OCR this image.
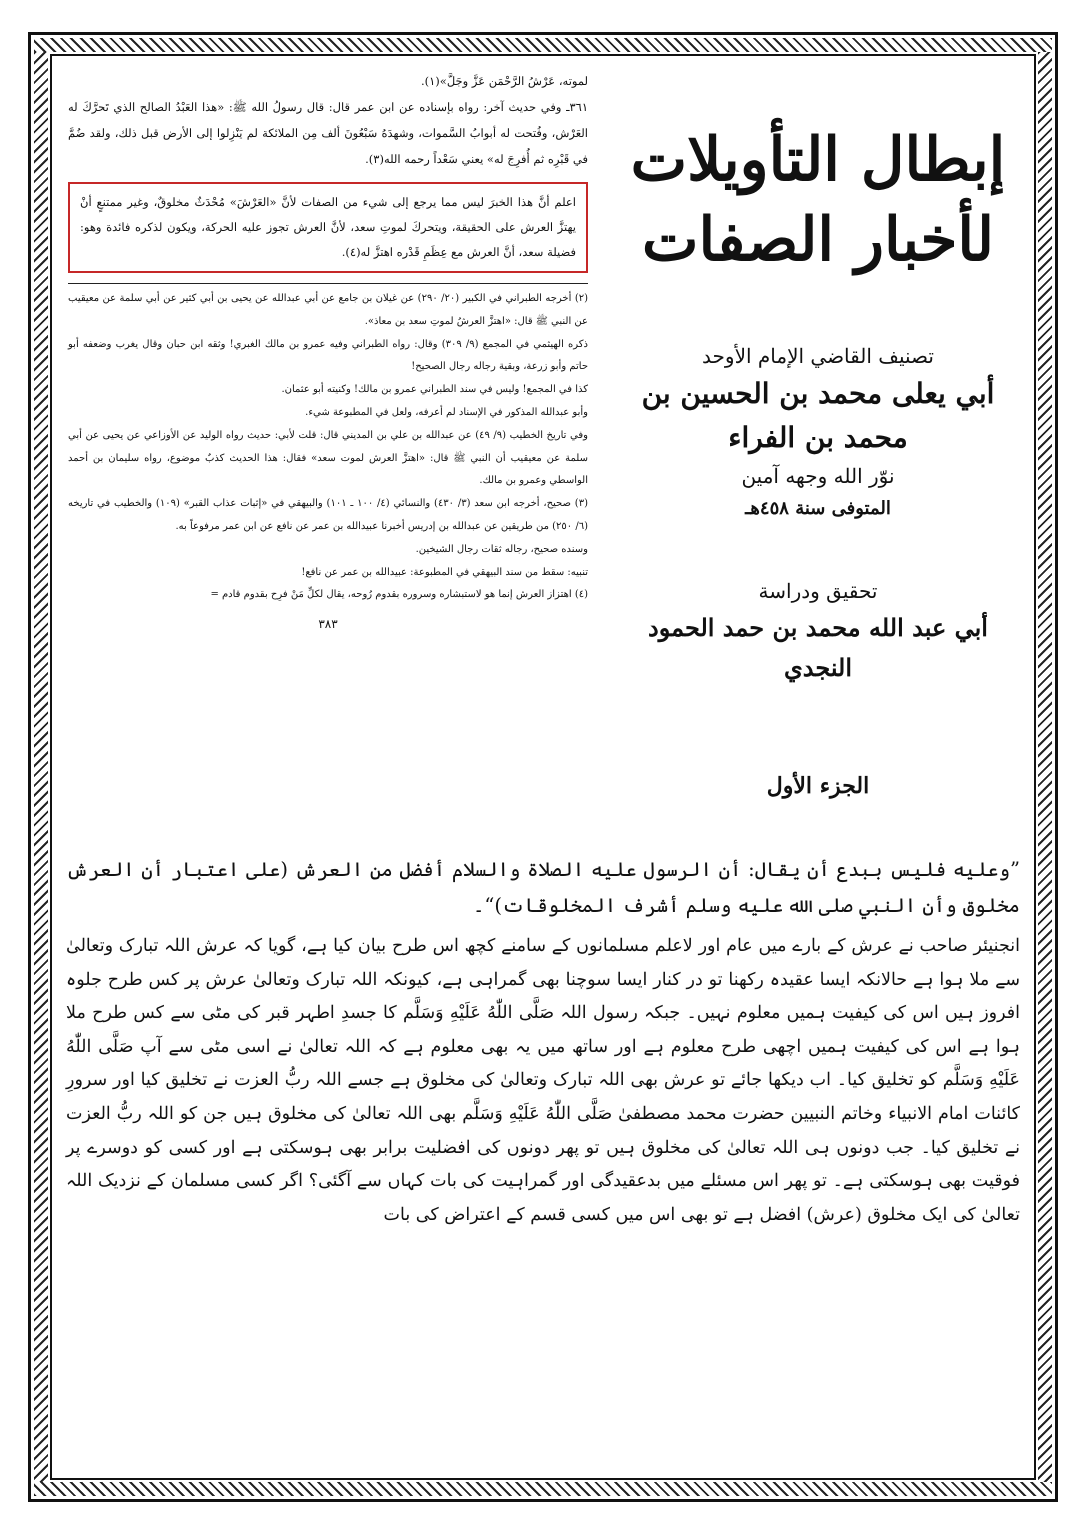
لموته، عَرْشُ الرَّحْمَن عَزَّ وجَلَّ»(١).

٣٦١ـ وفي حديث آخر: رواه بإسناده عن ابن عمر قال: قال رسولُ الله ﷺ: «هذا العَبْدُ الصالح الذي تَحرَّكَ له العَرْش، وفُتحت له أبوابُ السَّموات، وشهدَهُ سَبْعُونَ ألف مِن الملائكة لم يَنْزِلوا إلى الأرض قبل ذلك، ولقد ضُمَّ في قَبْرِه ثم أُفرِجَ له» يعني سَعْداً رحمه الله(٣).

اعلم أنَّ هذا الخبرَ ليس مما يرجع إلى شيء من الصفات لأنَّ «العَرْشَ» مُحْدَثٌ مخلوقٌ، وغير ممتنعٍ أنْ يهتزَّ العرش على الحقيقة، ويتحركَ لموتِ سعد، لأنَّ العرش تجوز عليه الحركة، ويكون لذكره فائدة وهو: فضيلة سعد، أنَّ العرش مع عِظَمِ قَدْره اهتزَّ له(٤).

(٢) أخرجه الطبراني في الكبير (٢٠/ ٢٩٠) عن غيلان بن جامع عن أبي عبدالله عن يحيى بن أبي كثير عن أبي سلمة عن معيقيب عن النبي ﷺ قال: «اهتزَّ العرشُ لموتِ سعد بن معاذ».

ذكره الهيثمي في المجمع (٩/ ٣٠٩) وقال: رواه الطبراني وفيه عمرو بن مالك الغبري! وثقه ابن حبان وقال يغرب وضعفه أبو حاتم وأبو زرعة، وبقية رجاله رجال الصحيح!

كذا في المجمع! وليس في سند الطبراني عمرو بن مالك! وكنيته أبو عثمان.

وأبو عبدالله المذكور في الإسناد لم أعرفه، ولعل في المطبوعة شيء.

وفي تاريخ الخطيب (٩/ ٤٩) عن عبدالله بن علي بن المديني قال: قلت لأبي: حديث رواه الوليد عن الأوزاعي عن يحيى عن أبي سلمة عن معيقيب أن النبي ﷺ قال: «اهتزَّ العرش لموت سعد» فقال: هذا الحديث كذبٌ موضوع، رواه سليمان بن أحمد الواسطي وعمرو بن مالك.

(٣) صحيح، أخرجه ابن سعد (٣/ ٤٣٠) والنسائي (٤/ ١٠٠ ـ ١٠١) والبيهقي في «إثبات عذاب القبر» (١٠٩) والخطيب في تاريخه (٦/ ٢٥٠) من طريقين عن عبدالله بن إدريس أخبرنا عبيدالله بن عمر عن نافع عن ابن عمر مرفوعاً به.

وسنده صحيح، رجاله ثقات رجال الشيخين.

تنبيه: سقط من سند البيهقي في المطبوعة: عبيدالله بن عمر عن نافع!

(٤) اهتزاز العرش إنما هو لاستبشاره وسروره بقدوم رُوحه، يقال لكلِّ مَنْ فرِح بقدوم قادم =

٣٨٣
إبطال التأويلات
لأخبار الصفات
تصنيف القاضي الإمام الأوحد
أبي يعلى محمد بن الحسين بن محمد بن الفراء
نوّر الله وجهه آمين
المتوفى سنة ٤٥٨هـ
تحقيق ودراسة
أبي عبد الله محمد بن حمد الحمود النجدي
الجزء الأول

”وعليه فليس ببدع أن يقال: أن الرسول عليه الصلاة والسلام أفضل من العرش (على اعتبار أن العرش مخلوق وأن النبي صلى الله عليه وسلم أشرف المخلوقات)“۔

انجنیئر صاحب نے عرش کے بارے میں عام اور لاعلم مسلمانوں کے سامنے کچھ اس طرح بیان کیا ہے، گویا کہ عرش اللہ تبارک وتعالیٰ سے ملا ہوا ہے حالانکہ ایسا عقیدہ رکھنا تو در کنار ایسا سوچنا بھی گمراہی ہے، کیونکہ اللہ تبارک وتعالیٰ عرش پر کس طرح جلوہ افروز ہیں اس کی کیفیت ہمیں معلوم نہیں۔ جبکہ رسول اللہ صَلَّى اللّٰهُ عَلَيْهِ وَسَلَّم کا جسدِ اطہر قبر کی مٹی سے کس طرح ملا ہوا ہے اس کی کیفیت ہمیں اچھی طرح معلوم ہے اور ساتھ میں یہ بھی معلوم ہے کہ اللہ تعالیٰ نے اسی مٹی سے آپ صَلَّى اللّٰهُ عَلَيْهِ وَسَلَّم کو تخلیق کیا۔ اب دیکھا جائے تو عرش بھی اللہ تبارک وتعالیٰ کی مخلوق ہے جسے اللہ ربُّ العزت نے تخلیق کیا اور سرورِ کائنات امام الانبیاء وخاتم النبیین حضرت محمد مصطفیٰ صَلَّى اللّٰهُ عَلَيْهِ وَسَلَّم بھی اللہ تعالیٰ کی مخلوق ہیں جن کو اللہ ربُّ العزت نے تخلیق کیا۔ جب دونوں ہی اللہ تعالیٰ کی مخلوق ہیں تو پھر دونوں کی افضلیت برابر بھی ہوسکتی ہے اور کسی کو دوسرے پر فوقیت بھی ہوسکتی ہے۔ تو پھر اس مسئلے میں بدعقیدگی اور گمراہیت کی بات کہاں سے آگئی؟ اگر کسی مسلمان کے نزدیک اللہ تعالیٰ کی ایک مخلوق (عرش) افضل ہے تو بھی اس میں کسی قسم کے اعتراض کی بات
